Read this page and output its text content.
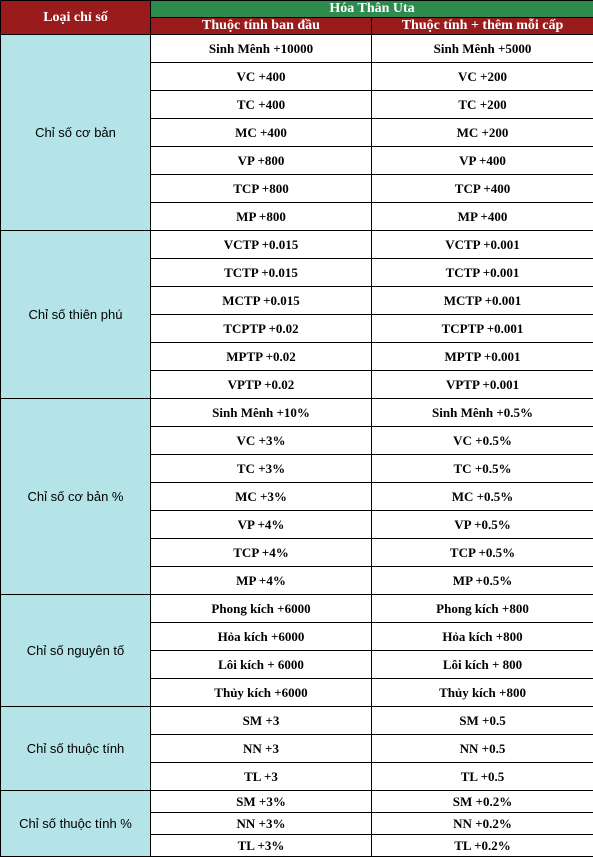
Loại chỉ số	Hóa Thân Uta	
	Thuộc tính ban đầu	Thuộc tính + thêm mỗi cấp
Chỉ số cơ bản	Sinh Mênh +10000	Sinh Mênh +5000
	VC +400	VC +200
	TC +400	TC +200
	MC +400	MC +200
	VP +800	VP +400
	TCP +800	TCP +400
	MP +800	MP +400
Chỉ số thiên phú	VCTP +0.015	VCTP +0.001
	TCTP +0.015	TCTP +0.001
	MCTP +0.015	MCTP +0.001
	TCPTP +0.02	TCPTP +0.001
	MPTP +0.02	MPTP +0.001
	VPTP +0.02	VPTP +0.001
Chỉ số cơ bản %	Sinh Mênh +10%	Sinh Mênh +0.5%
	VC +3%	VC +0.5%
	TC +3%	TC +0.5%
	MC +3%	MC +0.5%
	VP +4%	VP +0.5%
	TCP +4%	TCP +0.5%
	MP +4%	MP +0.5%
Chỉ số nguyên tố	Phong kích +6000	Phong kích +800
	Hỏa kích +6000	Hỏa kích +800
	Lôi kích + 6000	Lôi kích + 800
	Thủy kích +6000	Thủy kích +800
Chỉ số thuộc tính	SM +3	SM +0.5
	NN +3	NN +0.5
	TL +3	TL +0.5
Chỉ số thuộc tính %	SM +3%	SM +0.2%
	NN +3%	NN +0.2%
	TL +3%	TL +0.2%
